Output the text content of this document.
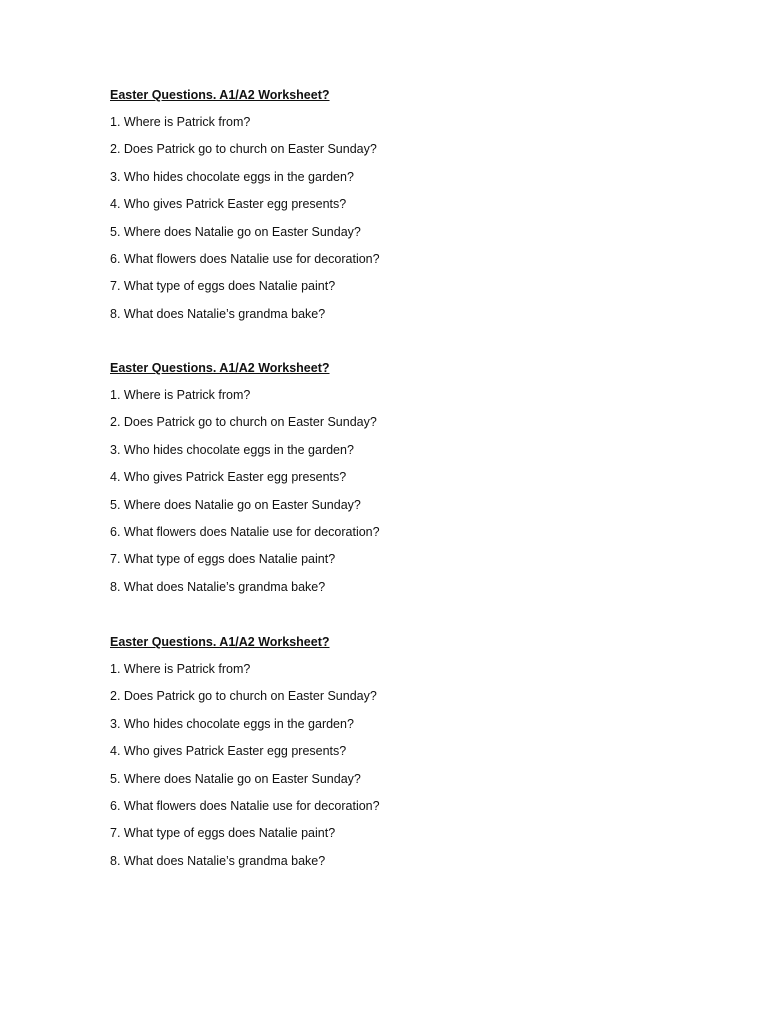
Easter Questions. A1/A2 Worksheet?
1. Where is Patrick from?
2. Does Patrick go to church on Easter Sunday?
3. Who hides chocolate eggs in the garden?
4. Who gives Patrick Easter egg presents?
5. Where does Natalie go on Easter Sunday?
6. What flowers does Natalie use for decoration?
7. What type of eggs does Natalie paint?
8. What does Natalie’s grandma bake?
Easter Questions. A1/A2 Worksheet?
1. Where is Patrick from?
2. Does Patrick go to church on Easter Sunday?
3. Who hides chocolate eggs in the garden?
4. Who gives Patrick Easter egg presents?
5. Where does Natalie go on Easter Sunday?
6. What flowers does Natalie use for decoration?
7. What type of eggs does Natalie paint?
8. What does Natalie’s grandma bake?
Easter Questions. A1/A2 Worksheet?
1. Where is Patrick from?
2. Does Patrick go to church on Easter Sunday?
3. Who hides chocolate eggs in the garden?
4. Who gives Patrick Easter egg presents?
5. Where does Natalie go on Easter Sunday?
6. What flowers does Natalie use for decoration?
7. What type of eggs does Natalie paint?
8. What does Natalie’s grandma bake?
